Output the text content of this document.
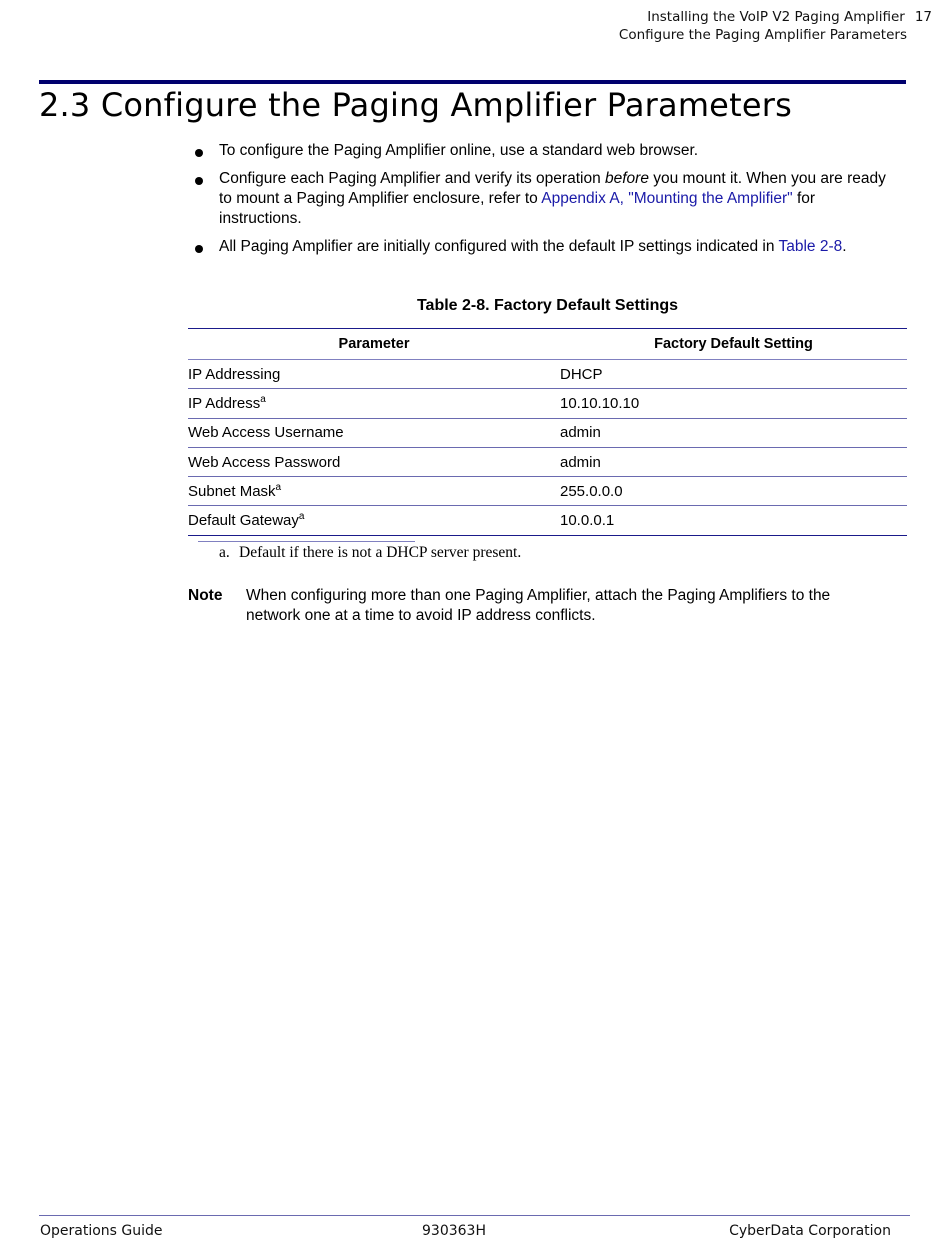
Installing the VoIP V2 Paging Amplifier 17
Configure the Paging Amplifier Parameters
2.3 Configure the Paging Amplifier Parameters
To configure the Paging Amplifier online, use a standard web browser.
Configure each Paging Amplifier and verify its operation before you mount it. When you are ready to mount a Paging Amplifier enclosure, refer to Appendix A, "Mounting the Amplifier" for instructions.
All Paging Amplifier are initially configured with the default IP settings indicated in Table 2-8.
Table 2-8. Factory Default Settings
Parameter	Factory Default Setting
IP Addressing	DHCP
IP Address$^a$	10.10.10.10
Web Access Username	admin
Web Access Password	admin
Subnet Mask$^a$	255.0.0.0
Default Gateway$^a$	10.0.0.1
a. Default if there is not a DHCP server present.
Note When configuring more than one Paging Amplifier, attach the Paging Amplifiers to the network one at a time to avoid IP address conflicts.
Operations Guide	930363H	CyberData Corporation
